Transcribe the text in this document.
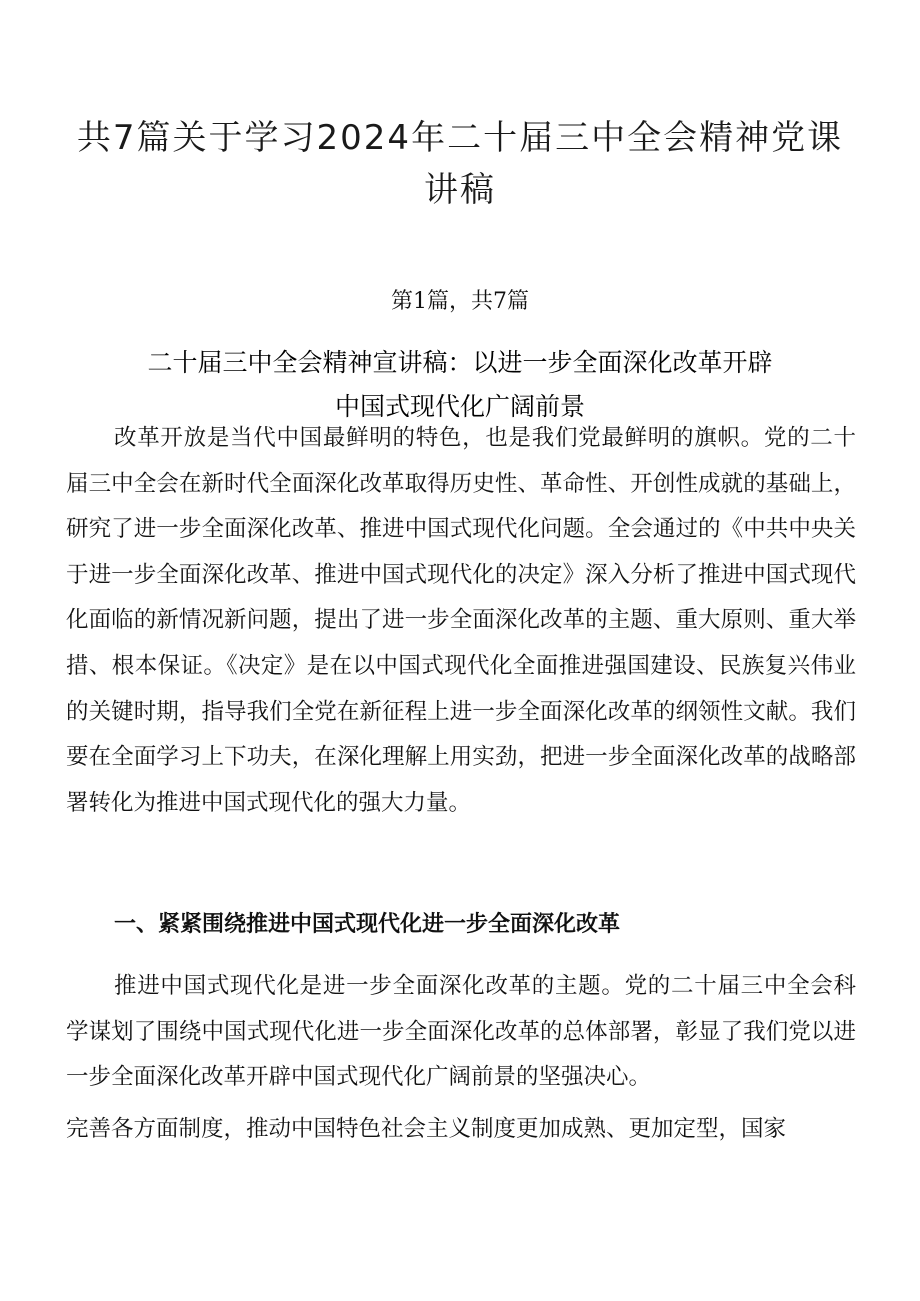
共7篇关于学习2024年二十届三中全会精神党课讲稿
第1篇，共7篇
二十届三中全会精神宣讲稿：以进一步全面深化改革开辟
中国式现代化广阔前景

改革开放是当代中国最鲜明的特色，也是我们党最鲜明的旗帜。党的二十届三中全会在新时代全面深化改革取得历史性、革命性、开创性成就的基础上，研究了进一步全面深化改革、推进中国式现代化问题。全会通过的《中共中央关于进一步全面深化改革、推进中国式现代化的决定》深入分析了推进中国式现代化面临的新情况新问题，提出了进一步全面深化改革的主题、重大原则、重大举措、根本保证。《决定》是在以中国式现代化全面推进强国建设、民族复兴伟业的关键时期，指导我们全党在新征程上进一步全面深化改革的纲领性文献。我们要在全面学习上下功夫，在深化理解上用实劲，把进一步全面深化改革的战略部署转化为推进中国式现代化的强大力量。

一、紧紧围绕推进中国式现代化进一步全面深化改革

推进中国式现代化是进一步全面深化改革的主题。党的二十届三中全会科学谋划了围绕中国式现代化进一步全面深化改革的总体部署，彰显了我们党以进一步全面深化改革开辟中国式现代化广阔前景的坚强决心。

完善各方面制度，推动中国特色社会主义制度更加成熟、更加定型，国家
